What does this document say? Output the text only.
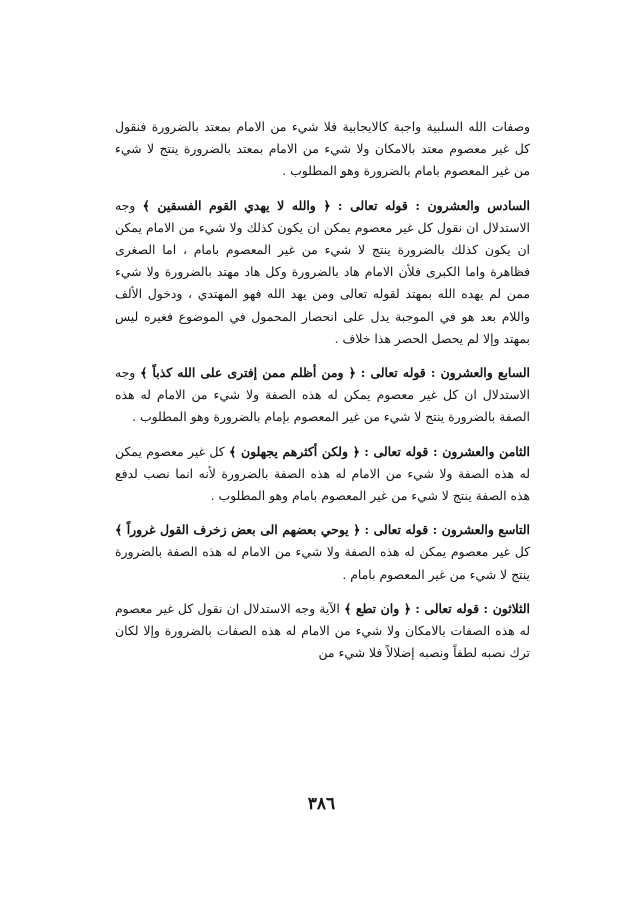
وصفات الله السلبية واجبة كالايجابية فلا شيء من الامام بمعتد بالضرورة فنقول كل غير معصوم معتد بالامكان ولا شيء من الامام بمعتد بالضرورة ينتج لا شيء من غير المعصوم بامام بالضرورة وهو المطلوب .

السادس والعشرون : قوله تعالى : ﴿ والله لا يهدي القوم الفسقين ﴾ وجه الاستدلال ان نقول كل غير معصوم يمكن ان يكون كذلك ولا شيء من الامام يمكن ان يكون كذلك بالضرورة ينتج لا شيء من غير المعصوم بامام ، اما الصغرى فظاهرة واما الكبرى فلأن الامام هاد بالضرورة وكل هاد مهتد بالضرورة ولا شيء ممن لم يهده الله بمهتد لقوله تعالى ومن يهد الله فهو المهتدي ، ودخول الألف واللام بعد هو في الموجبة يدل على انحصار المحمول في الموضوع فغيره ليس بمهتد وإلا لم يحصل الحصر هذا خلاف .

السابع والعشرون : قوله تعالى : ﴿ ومن أظلم ممن إفترى على الله كذباً ﴾ وجه الاستدلال ان كل غير معصوم يمكن له هذه الصفة ولا شيء من الامام له هذه الصفة بالضرورة ينتج لا شيء من غير المعصوم بإمام بالضرورة وهو المطلوب .

الثامن والعشرون : قوله تعالى : ﴿ ولكن أكثرهم يجهلون ﴾ كل غير معصوم يمكن له هذه الصفة ولا شيء من الامام له هذه الصفة بالضرورة لأنه انما نصب لدفع هذه الصفة ينتج لا شيء من غير المعصوم بامام وهو المطلوب .

التاسع والعشرون : قوله تعالى : ﴿ يوحي بعضهم الى بعض زخرف القول غروراً ﴾ كل غير معصوم يمكن له هذه الصفة ولا شيء من الامام له هذه الصفة بالضرورة ينتج لا شيء من غير المعصوم بامام .

الثلاثون : قوله تعالى : ﴿ وان تطع ﴾ الآية وجه الاستدلال ان نقول كل غير معصوم له هذه الصفات بالامكان ولا شيء من الامام له هذه الصفات بالضرورة وإلا لكان ترك نصبه لطفاً ونصبه إضلالاً فلا شيء من

٣٨٦
